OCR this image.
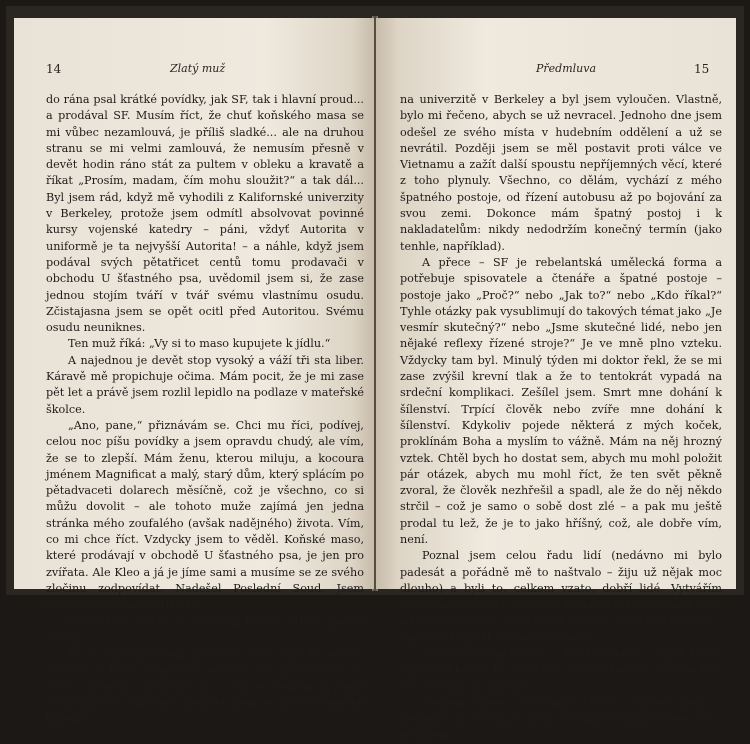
14	Zlatý muž

do rána psal krátké povídky, jak SF, tak i hlavní proud... a prodával SF. Musím říct, že chuť koňského masa se mi vůbec nezamlouvá, je příliš sladké... ale na druhou stranu se mi velmi zamlouvá, že nemusím přesně v devět hodin ráno stát za pultem v obleku a kravatě a říkat „Prosím, madam, čím mohu sloužit?“ a tak dál... Byl jsem rád, když mě vyhodili z Kalifornské univerzity v Berkeley, protože jsem odmítl absolvovat povinné kursy vojenské katedry – páni, vždyť Autorita v uniformě je ta nejvyšší Autorita! – a náhle, když jsem podával svých pětatřicet centů tomu prodavači v obchodu U šťastného psa, uvědomil jsem si, že zase jednou stojím tváří v tvář svému vlastnímu osudu. Zčistajasna jsem se opět ocitl před Autoritou. Svému osudu neuniknes.

Ten muž říká: „Vy si to maso kupujete k jídlu.“

A najednou je devět stop vysoký a váží tři sta liber. Káravě mě propichuje očima. Mám pocit, že je mi zase pět let a právě jsem rozlil lepidlo na podlaze v mateřské školce.

„Ano, pane,“ přiznávám se. Chci mu říci, podívej, celou noc píšu povídky a jsem opravdu chudý, ale vím, že se to zlepší. Mám ženu, kterou miluju, a kocoura jménem Magnificat a malý, starý dům, který splácím po pětadvaceti dolarech měsíčně, což je všechno, co si můžu dovolit – ale tohoto muže zajímá jen jedna stránka mého zoufalého (avšak nadějného) života. Vím, co mi chce říct. Vzdycky jsem to věděl. Koňské maso, které prodávají v obchodě U šťastného psa, je jen pro zvířata. Ale Kleo a já je jíme sami a musíme se ze svého zločinu zodpovídat. Nadešel Poslední Soud. Jsem přistižen při dalším Hříchu.

Skoro jsem čekal, že ten muž řekne: „Máte špatný postoj.“

To je odjakživa můj problém: mám špatný postoj. Stručně a jasně, bojím se autority, ale zároveň mě to štve – autorita a můj strach – a tak se bouřím. A psaní SF je způsob vzpoury. Vzepřel jsem se proti vojenské katedře

Předmluva	15

na univerzitě v Berkeley a byl jsem vyloučen. Vlastně, bylo mi řečeno, abych se už nevracel. Jednoho dne jsem odešel ze svého místa v hudebním oddělení a už se nevrátil. Později jsem se měl postavit proti válce ve Vietnamu a zažít další spoustu nepříjemných věcí, které z toho plynuly. Všechno, co dělám, vychází z mého špatného postoje, od řízení autobusu až po bojování za svou zemi. Dokonce mám špatný postoj i k nakladatelům: nikdy nedodržím konečný termín (jako tenhle, například).

A přece – SF je rebelantská umělecká forma a potřebuje spisovatele a čtenáře a špatné postoje – postoje jako „Proč?“ nebo „Jak to?“ nebo „Kdo říkal?“ Tyhle otázky pak vysublimují do takových témat jako „Je vesmír skutečný?“ nebo „Jsme skutečné lidé, nebo jen nějaké reflexy řízené stroje?“ Je ve mně plno vzteku. Vždycky tam byl. Minulý týden mi doktor řekl, že se mi zase zvýšil krevní tlak a že to tentokrát vypadá na srdeční komplikaci. Zešílel jsem. Smrt mne dohání k šílenství. Trpící člověk nebo zvíře mne dohání k šílenství. Kdykoliv pojede některá z mých koček, proklínám Boha a myslím to vážně. Mám na něj hrozný vztek. Chtěl bych ho dostat sem, abych mu mohl položit pár otázek, abych mu mohl říct, že ten svět pěkně zvoral, že člověk nezhřešil a spadl, ale že do něj někdo strčil – což je samo o sobě dost zlé – a pak mu ještě prodal tu lež, že je to jako hříšný, což, ale dobře vím, není.

Poznal jsem celou řadu lidí (nedávno mi bylo padesát a pořádně mě to naštvalo – žiju už nějak moc dlouho) a byli to, celkem vzato, dobří lidé. Vytvářím podle nich postavy ve svých románech a povídkách. Čas od času některý z těch lidí zemře a to mě rozzuří – opravdu rozzuří, na nejvyšší míru.

„Vzals mi mojí kočku,“ chci říci Bohu, „a pak jsi mi vzal mojí holku. Co to děláš? Poslouchej mě. Poslouchej! To, co děláš, je špatný.“

Nejsem vůbec vyrovnaný člověk. Vyrostl jsem v Berkeley a zdědil po něm sociální vědomí, které se v této zemi
